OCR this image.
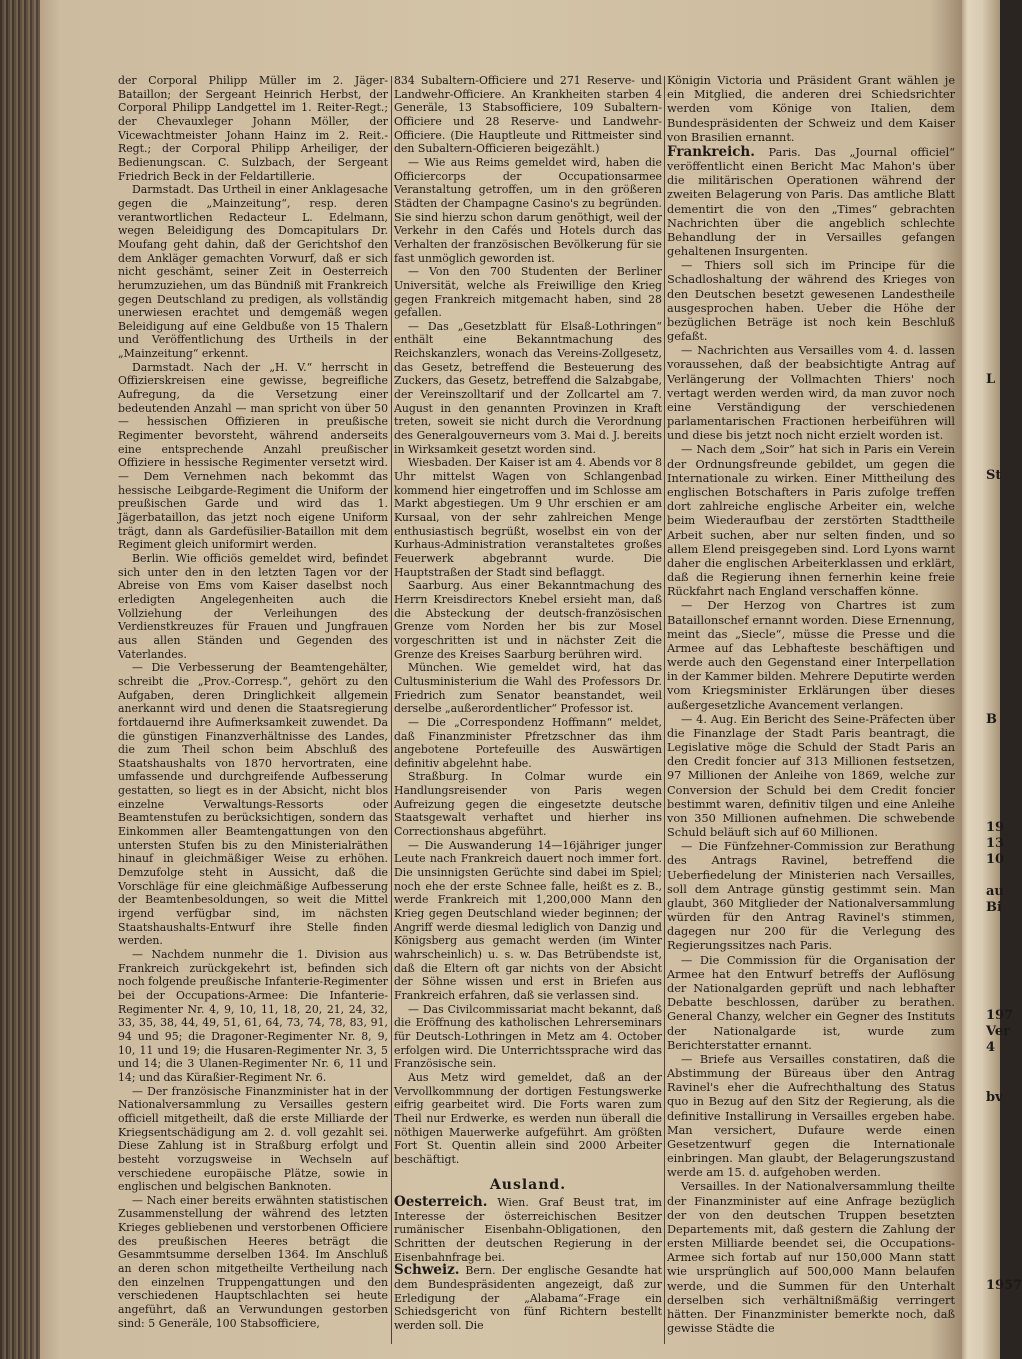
L
St
B
19
13
10
au
Bi
197
Ver
4
bv
1957

der Corporal Philipp Müller im 2. Jäger-Bataillon; der Sergeant Heinrich Herbst, der Corporal Philipp Landgettel im 1. Reiter-Regt.; der Chevauxleger Johann Möller, der Vicewachtmeister Johann Hainz im 2. Reit.-Regt.; der Corporal Philipp Arheiliger, der Bedienungscan. C. Sulzbach, der Sergeant Friedrich Beck in der Feldartillerie.

Darmstadt. Das Urtheil in einer Anklagesache gegen die „Mainzeitung“, resp. deren verantwortlichen Redacteur L. Edelmann, wegen Beleidigung des Domcapitulars Dr. Moufang geht dahin, daß der Gerichtshof den dem Ankläger gemachten Vorwurf, daß er sich nicht geschämt, seiner Zeit in Oesterreich herumzuziehen, um das Bündniß mit Frankreich gegen Deutschland zu predigen, als vollständig unerwiesen erachtet und demgemäß wegen Beleidigung auf eine Geldbuße von 15 Thalern und Veröffentlichung des Urtheils in der „Mainzeitung“ erkennt.

Darmstadt. Nach der „H. V.“ herrscht in Offizierskreisen eine gewisse, begreifliche Aufregung, da die Versetzung einer bedeutenden Anzahl — man spricht von über 50 — hessischen Offizieren in preußische Regimenter bevorsteht, während anderseits eine entsprechende Anzahl preußischer Offiziere in hessische Regimenter versetzt wird. — Dem Vernehmen nach bekommt das hessische Leibgarde-Regiment die Uniform der preußischen Garde und wird das 1. Jägerbataillon, das jetzt noch eigene Uniform trägt, dann als Gardefüsilier-Bataillon mit dem Regiment gleich uniformirt werden.

Berlin. Wie officiös gemeldet wird, befindet sich unter den in den letzten Tagen vor der Abreise von Ems vom Kaiser daselbst noch erledigten Angelegenheiten auch die Vollziehung der Verleihungen des Verdienstkreuzes für Frauen und Jungfrauen aus allen Ständen und Gegenden des Vaterlandes.

— Die Verbesserung der Beamtengehälter, schreibt die „Prov.-Corresp.“, gehört zu den Aufgaben, deren Dringlichkeit allgemein anerkannt wird und denen die Staatsregierung fortdauernd ihre Aufmerksamkeit zuwendet. Da die günstigen Finanzverhältnisse des Landes, die zum Theil schon beim Abschluß des Staatshaushalts von 1870 hervortraten, eine umfassende und durchgreifende Aufbesserung gestatten, so liegt es in der Absicht, nicht blos einzelne Verwaltungs-Ressorts oder Beamtenstufen zu berücksichtigen, sondern das Einkommen aller Beamtengattungen von den untersten Stufen bis zu den Ministerialräthen hinauf in gleichmäßiger Weise zu erhöhen. Demzufolge steht in Aussicht, daß die Vorschläge für eine gleichmäßige Aufbesserung der Beamtenbesoldungen, so weit die Mittel irgend verfügbar sind, im nächsten Staatshaushalts-Entwurf ihre Stelle finden werden.

— Nachdem nunmehr die 1. Division aus Frankreich zurückgekehrt ist, befinden sich noch folgende preußische Infanterie-Regimenter bei der Occupations-Armee: Die Infanterie-Regimenter Nr. 4, 9, 10, 11, 18, 20, 21, 24, 32, 33, 35, 38, 44, 49, 51, 61, 64, 73, 74, 78, 83, 91, 94 und 95; die Dragoner-Regimenter Nr. 8, 9, 10, 11 und 19; die Husaren-Regimenter Nr. 3, 5 und 14; die 3 Ulanen-Regimenter Nr. 6, 11 und 14; und das Küraßier-Regiment Nr. 6.

— Der französische Finanzminister hat in der Nationalversammlung zu Versailles gestern officiell mitgetheilt, daß die erste Milliarde der Kriegsentschädigung am 2. d. voll gezahlt sei. Diese Zahlung ist in Straßburg erfolgt und besteht vorzugsweise in Wechseln auf verschiedene europäische Plätze, sowie in englischen und belgischen Banknoten.

— Nach einer bereits erwähnten statistischen Zusammenstellung der während des letzten Krieges gebliebenen und verstorbenen Officiere des preußischen Heeres beträgt die Gesammtsumme derselben 1364. Im Anschluß an deren schon mitgetheilte Vertheilung nach den einzelnen Truppengattungen und den verschiedenen Hauptschlachten sei heute angeführt, daß an Verwundungen gestorben sind: 5 Generäle, 100 Stabsofficiere,

834 Subaltern-Officiere und 271 Reserve- und Landwehr-Officiere. An Krankheiten starben 4 Generäle, 13 Stabsofficiere, 109 Subaltern-Officiere und 28 Reserve- und Landwehr-Officiere. (Die Hauptleute und Rittmeister sind den Subaltern-Officieren beigezählt.)

— Wie aus Reims gemeldet wird, haben die Officiercorps der Occupationsarmee Veranstaltung getroffen, um in den größeren Städten der Champagne Casino's zu begründen. Sie sind hierzu schon darum genöthigt, weil der Verkehr in den Cafés und Hotels durch das Verhalten der französischen Bevölkerung für sie fast unmöglich geworden ist.

— Von den 700 Studenten der Berliner Universität, welche als Freiwillige den Krieg gegen Frankreich mitgemacht haben, sind 28 gefallen.

— Das „Gesetzblatt für Elsaß-Lothringen“ enthält eine Bekanntmachung des Reichskanzlers, wonach das Vereins-Zollgesetz, das Gesetz, betreffend die Besteuerung des Zuckers, das Gesetz, betreffend die Salzabgabe, der Vereinszolltarif und der Zollcartel am 7. August in den genannten Provinzen in Kraft treten, soweit sie nicht durch die Verordnung des Generalgouverneurs vom 3. Mai d. J. bereits in Wirksamkeit gesetzt worden sind.

Wiesbaden. Der Kaiser ist am 4. Abends vor 8 Uhr mittelst Wagen von Schlangenbad kommend hier eingetroffen und im Schlosse am Markt abgestiegen. Um 9 Uhr erschien er am Kursaal, von der sehr zahlreichen Menge enthusiastisch begrüßt, woselbst ein von der Kurhaus-Administration veranstaltetes großes Feuerwerk abgebrannt wurde. Die Hauptstraßen der Stadt sind beflaggt.

Saarburg. Aus einer Bekanntmachung des Herrn Kreisdirectors Knebel ersieht man, daß die Absteckung der deutsch-französischen Grenze vom Norden her bis zur Mosel vorgeschritten ist und in nächster Zeit die Grenze des Kreises Saarburg berühren wird.

München. Wie gemeldet wird, hat das Cultusministerium die Wahl des Professors Dr. Friedrich zum Senator beanstandet, weil derselbe „außerordentlicher“ Professor ist.

— Die „Correspondenz Hoffmann“ meldet, daß Finanzminister Pfretzschner das ihm angebotene Portefeuille des Auswärtigen definitiv abgelehnt habe.

Straßburg. In Colmar wurde ein Handlungsreisender von Paris wegen Aufreizung gegen die eingesetzte deutsche Staatsgewalt verhaftet und hierher ins Correctionshaus abgeführt.

— Die Auswanderung 14—16jähriger junger Leute nach Frankreich dauert noch immer fort. Die unsinnigsten Gerüchte sind dabei im Spiel; noch ehe der erste Schnee falle, heißt es z. B., werde Frankreich mit 1,200,000 Mann den Krieg gegen Deutschland wieder beginnen; der Angriff werde diesmal lediglich von Danzig und Königsberg aus gemacht werden (im Winter wahrscheinlich) u. s. w. Das Betrübendste ist, daß die Eltern oft gar nichts von der Absicht der Söhne wissen und erst in Briefen aus Frankreich erfahren, daß sie verlassen sind.

— Das Civilcommissariat macht bekannt, daß die Eröffnung des katholischen Lehrerseminars für Deutsch-Lothringen in Metz am 4. October erfolgen wird. Die Unterrichtssprache wird das Französische sein.

Aus Metz wird gemeldet, daß an der Vervollkommnung der dortigen Festungswerke eifrig gearbeitet wird. Die Forts waren zum Theil nur Erdwerke, es werden nun überall die nöthigen Mauerwerke aufgeführt. Am größten Fort St. Quentin allein sind 2000 Arbeiter beschäftigt.

Ausland.

Oesterreich. Wien. Graf Beust trat, im Interesse der österreichischen Besitzer rumänischer Eisenbahn-Obligationen, den Schritten der deutschen Regierung in der Eisenbahnfrage bei.

Schweiz. Bern. Der englische Gesandte hat dem Bundespräsidenten angezeigt, daß zur Erledigung der „Alabama“-Frage ein Schiedsgericht von fünf Richtern bestellt werden soll. Die

Königin Victoria und Präsident Grant wählen je ein Mitglied, die anderen drei Schiedsrichter werden vom Könige von Italien, dem Bundespräsidenten der Schweiz und dem Kaiser von Brasilien ernannt.

Frankreich. Paris. Das „Journal officiel“ veröffentlicht einen Bericht Mac Mahon's über die militärischen Operationen während der zweiten Belagerung von Paris. Das amtliche Blatt dementirt die von den „Times“ gebrachten Nachrichten über die angeblich schlechte Behandlung der in Versailles gefangen gehaltenen Insurgenten.

— Thiers soll sich im Principe für die Schadloshaltung der während des Krieges von den Deutschen besetzt gewesenen Landestheile ausgesprochen haben. Ueber die Höhe der bezüglichen Beträge ist noch kein Beschluß gefaßt.

— Nachrichten aus Versailles vom 4. d. lassen voraussehen, daß der beabsichtigte Antrag auf Verlängerung der Vollmachten Thiers' noch vertagt werden werden wird, da man zuvor noch eine Verständigung der verschiedenen parlamentarischen Fractionen herbeiführen will und diese bis jetzt noch nicht erzielt worden ist.

— Nach dem „Soir“ hat sich in Paris ein Verein der Ordnungsfreunde gebildet, um gegen die Internationale zu wirken. Einer Mittheilung des englischen Botschafters in Paris zufolge treffen dort zahlreiche englische Arbeiter ein, welche beim Wiederaufbau der zerstörten Stadttheile Arbeit suchen, aber nur selten finden, und so allem Elend preisgegeben sind. Lord Lyons warnt daher die englischen Arbeiterklassen und erklärt, daß die Regierung ihnen fernerhin keine freie Rückfahrt nach England verschaffen könne.

— Der Herzog von Chartres ist zum Bataillonschef ernannt worden. Diese Ernennung, meint das „Siecle“, müsse die Presse und die Armee auf das Lebhafteste beschäftigen und werde auch den Gegenstand einer Interpellation in der Kammer bilden. Mehrere Deputirte werden vom Kriegsminister Erklärungen über dieses außergesetzliche Avancement verlangen.

— 4. Aug. Ein Bericht des Seine-Präfecten über die Finanzlage der Stadt Paris beantragt, die Legislative möge die Schuld der Stadt Paris an den Credit foncier auf 313 Millionen festsetzen, 97 Millionen der Anleihe von 1869, welche zur Conversion der Schuld bei dem Credit foncier bestimmt waren, definitiv tilgen und eine Anleihe von 350 Millionen aufnehmen. Die schwebende Schuld beläuft sich auf 60 Millionen.

— Die Fünfzehner-Commission zur Berathung des Antrags Ravinel, betreffend die Ueberfiedelung der Ministerien nach Versailles, soll dem Antrage günstig gestimmt sein. Man glaubt, 360 Mitglieder der Nationalversammlung würden für den Antrag Ravinel's stimmen, dagegen nur 200 für die Verlegung des Regierungssitzes nach Paris.

— Die Commission für die Organisation der Armee hat den Entwurf betreffs der Auflösung der Nationalgarden geprüft und nach lebhafter Debatte beschlossen, darüber zu berathen. General Chanzy, welcher ein Gegner des Instituts der Nationalgarde ist, wurde zum Berichterstatter ernannt.

— Briefe aus Versailles constatiren, daß die Abstimmung der Büreaus über den Antrag Ravinel's eher die Aufrechthaltung des Status quo in Bezug auf den Sitz der Regierung, als die definitive Installirung in Versailles ergeben habe. Man versichert, Dufaure werde einen Gesetzentwurf gegen die Internationale einbringen. Man glaubt, der Belagerungszustand werde am 15. d. aufgehoben werden.

Versailles. In der Nationalversammlung theilte der Finanzminister auf eine Anfrage bezüglich der von den deutschen Truppen besetzten Departements mit, daß gestern die Zahlung der ersten Milliarde beendet sei, die Occupations-Armee sich fortab auf nur 150,000 Mann statt wie ursprünglich auf 500,000 Mann belaufen werde, und die Summen für den Unterhalt derselben sich verhältnißmäßig verringert hätten. Der Finanzminister bemerkte noch, daß gewisse Städte die
